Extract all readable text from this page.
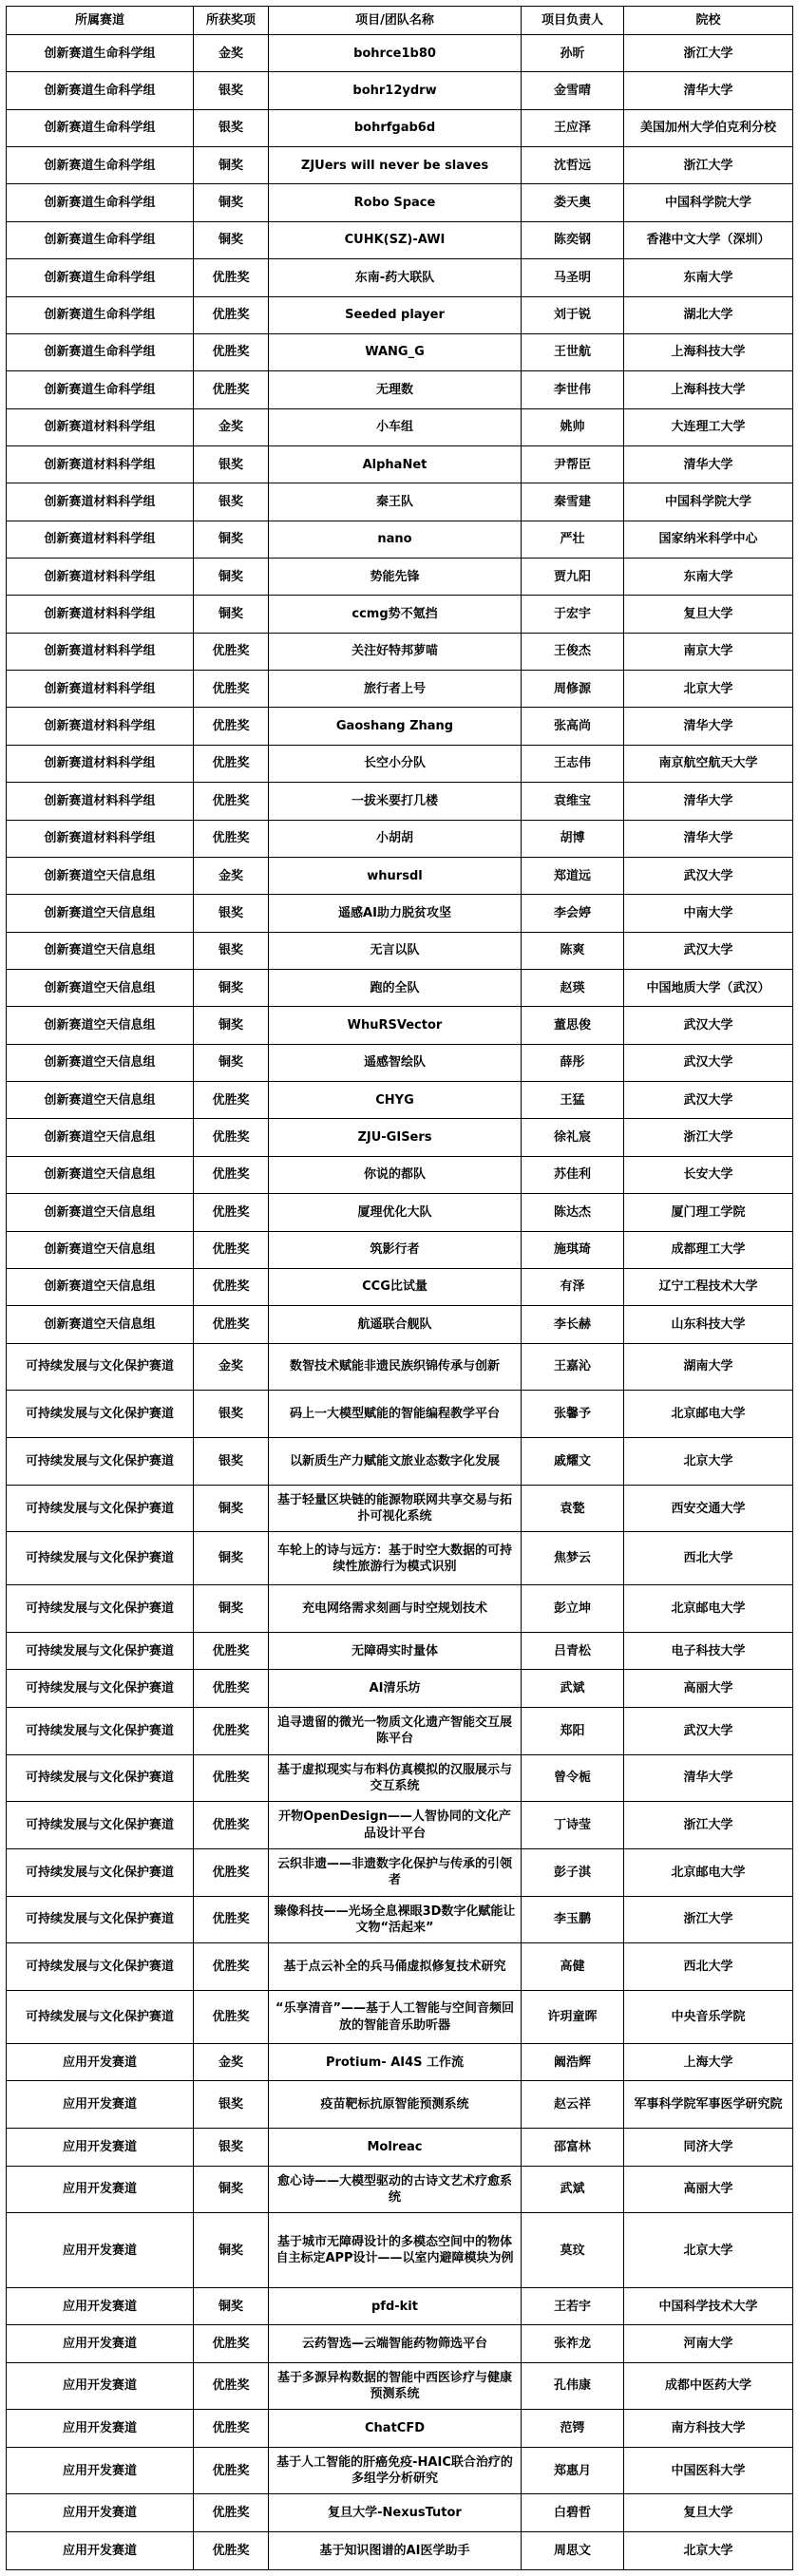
所属赛道	所获奖项	项目/团队名称	项目负责人	院校
创新赛道生命科学组	金奖	bohrce1b80	孙昕	浙江大学
创新赛道生命科学组	银奖	bohr12ydrw	金雪晴	清华大学
创新赛道生命科学组	银奖	bohrfgab6d	王应泽	美国加州大学伯克利分校
创新赛道生命科学组	铜奖	ZJUers will never be slaves	沈哲远	浙江大学
创新赛道生命科学组	铜奖	Robo Space	娄天奥	中国科学院大学
创新赛道生命科学组	铜奖	CUHK(SZ)-AWI	陈奕钢	香港中文大学（深圳）
创新赛道生命科学组	优胜奖	东南-药大联队	马圣明	东南大学
创新赛道生命科学组	优胜奖	Seeded player	刘于锐	湖北大学
创新赛道生命科学组	优胜奖	WANG_G	王世航	上海科技大学
创新赛道生命科学组	优胜奖	无理数	李世伟	上海科技大学
创新赛道材料科学组	金奖	小车组	姚帅	大连理工大学
创新赛道材料科学组	银奖	AlphaNet	尹帮臣	清华大学
创新赛道材料科学组	银奖	秦王队	秦雪建	中国科学院大学
创新赛道材料科学组	铜奖	nano	严壮	国家纳米科学中心
创新赛道材料科学组	铜奖	势能先锋	贾九阳	东南大学
创新赛道材料科学组	铜奖	ccmg势不氪挡	于宏宇	复旦大学
创新赛道材料科学组	优胜奖	关注好特邦萝喵	王俊杰	南京大学
创新赛道材料科学组	优胜奖	旅行者上号	周修源	北京大学
创新赛道材料科学组	优胜奖	Gaoshang Zhang	张高尚	清华大学
创新赛道材料科学组	优胜奖	长空小分队	王志伟	南京航空航天大学
创新赛道材料科学组	优胜奖	一拔米要打几楼	袁维宝	清华大学
创新赛道材料科学组	优胜奖	小胡胡	胡博	清华大学
创新赛道空天信息组	金奖	whursdl	郑道远	武汉大学
创新赛道空天信息组	银奖	遥感AI助力脱贫攻坚	李会婷	中南大学
创新赛道空天信息组	银奖	无言以队	陈爽	武汉大学
创新赛道空天信息组	铜奖	跑的全队	赵瑛	中国地质大学（武汉）
创新赛道空天信息组	铜奖	WhuRSVector	董思俊	武汉大学
创新赛道空天信息组	铜奖	遥感智绘队	薛彤	武汉大学
创新赛道空天信息组	优胜奖	CHYG	王猛	武汉大学
创新赛道空天信息组	优胜奖	ZJU-GISers	徐礼宸	浙江大学
创新赛道空天信息组	优胜奖	你说的都队	苏佳利	长安大学
创新赛道空天信息组	优胜奖	厦理优化大队	陈达杰	厦门理工学院
创新赛道空天信息组	优胜奖	筑影行者	施琪琦	成都理工大学
创新赛道空天信息组	优胜奖	CCG比试量	有泽	辽宁工程技术大学
创新赛道空天信息组	优胜奖	航遥联合舰队	李长赫	山东科技大学
可持续发展与文化保护赛道	金奖	数智技术赋能非遗民族织锦传承与创新	王嘉沁	湖南大学
可持续发展与文化保护赛道	银奖	码上一大模型赋能的智能编程教学平台	张馨予	北京邮电大学
可持续发展与文化保护赛道	银奖	以新质生产力赋能文旅业态数字化发展	戚耀文	北京大学
可持续发展与文化保护赛道	铜奖	基于轻量区块链的能源物联网共享交易与拓扑可视化系统	袁甃	西安交通大学
可持续发展与文化保护赛道	铜奖	车轮上的诗与远方：基于时空大数据的可持续性旅游行为模式识别	焦梦云	西北大学
可持续发展与文化保护赛道	铜奖	充电网络需求刻画与时空规划技术	彭立坤	北京邮电大学
可持续发展与文化保护赛道	优胜奖	无障碍实时量体	吕青松	电子科技大学
可持续发展与文化保护赛道	优胜奖	AI清乐坊	武斌	高丽大学
可持续发展与文化保护赛道	优胜奖	追寻遗留的微光一物质文化遗产智能交互展陈平台	郑阳	武汉大学
可持续发展与文化保护赛道	优胜奖	基于虚拟现实与布料仿真模拟的汉服展示与交互系统	曾令栀	清华大学
可持续发展与文化保护赛道	优胜奖	开物OpenDesign——人智协同的文化产品设计平台	丁诗莹	浙江大学
可持续发展与文化保护赛道	优胜奖	云织非遗——非遗数字化保护与传承的引领者	彭子淇	北京邮电大学
可持续发展与文化保护赛道	优胜奖	臻像科技——光场全息裸眼3D数字化赋能让文物“活起来”	李玉鹏	浙江大学
可持续发展与文化保护赛道	优胜奖	基于点云补全的兵马俑虚拟修复技术研究	高健	西北大学
可持续发展与文化保护赛道	优胜奖	“乐享清音”——基于人工智能与空间音频回放的智能音乐助听器	许玥童晖	中央音乐学院
应用开发赛道	金奖	Protium- AI4S 工作流	阚浩辉	上海大学
应用开发赛道	银奖	疫苗靶标抗原智能预测系统	赵云祥	军事科学院军事医学研究院
应用开发赛道	银奖	Molreac	邵富林	同济大学
应用开发赛道	铜奖	愈心诗——大模型驱动的古诗文艺术疗愈系统	武斌	高丽大学
应用开发赛道	铜奖	基于城市无障碍设计的多模态空间中的物体自主标定APP设计——以室内避障模块为例	莫玟	北京大学
应用开发赛道	铜奖	pfd-kit	王若宇	中国科学技术大学
应用开发赛道	优胜奖	云药智选—云端智能药物筛选平台	张祚龙	河南大学
应用开发赛道	优胜奖	基于多源异构数据的智能中西医诊疗与健康预测系统	孔伟康	成都中医药大学
应用开发赛道	优胜奖	ChatCFD	范锷	南方科技大学
应用开发赛道	优胜奖	基于人工智能的肝癌免疫-HAIC联合治疗的多组学分析研究	郑惠月	中国医科大学
应用开发赛道	优胜奖	复旦大学-NexusTutor	白碧哲	复旦大学
应用开发赛道	优胜奖	基于知识图谱的AI医学助手	周思文	北京大学
